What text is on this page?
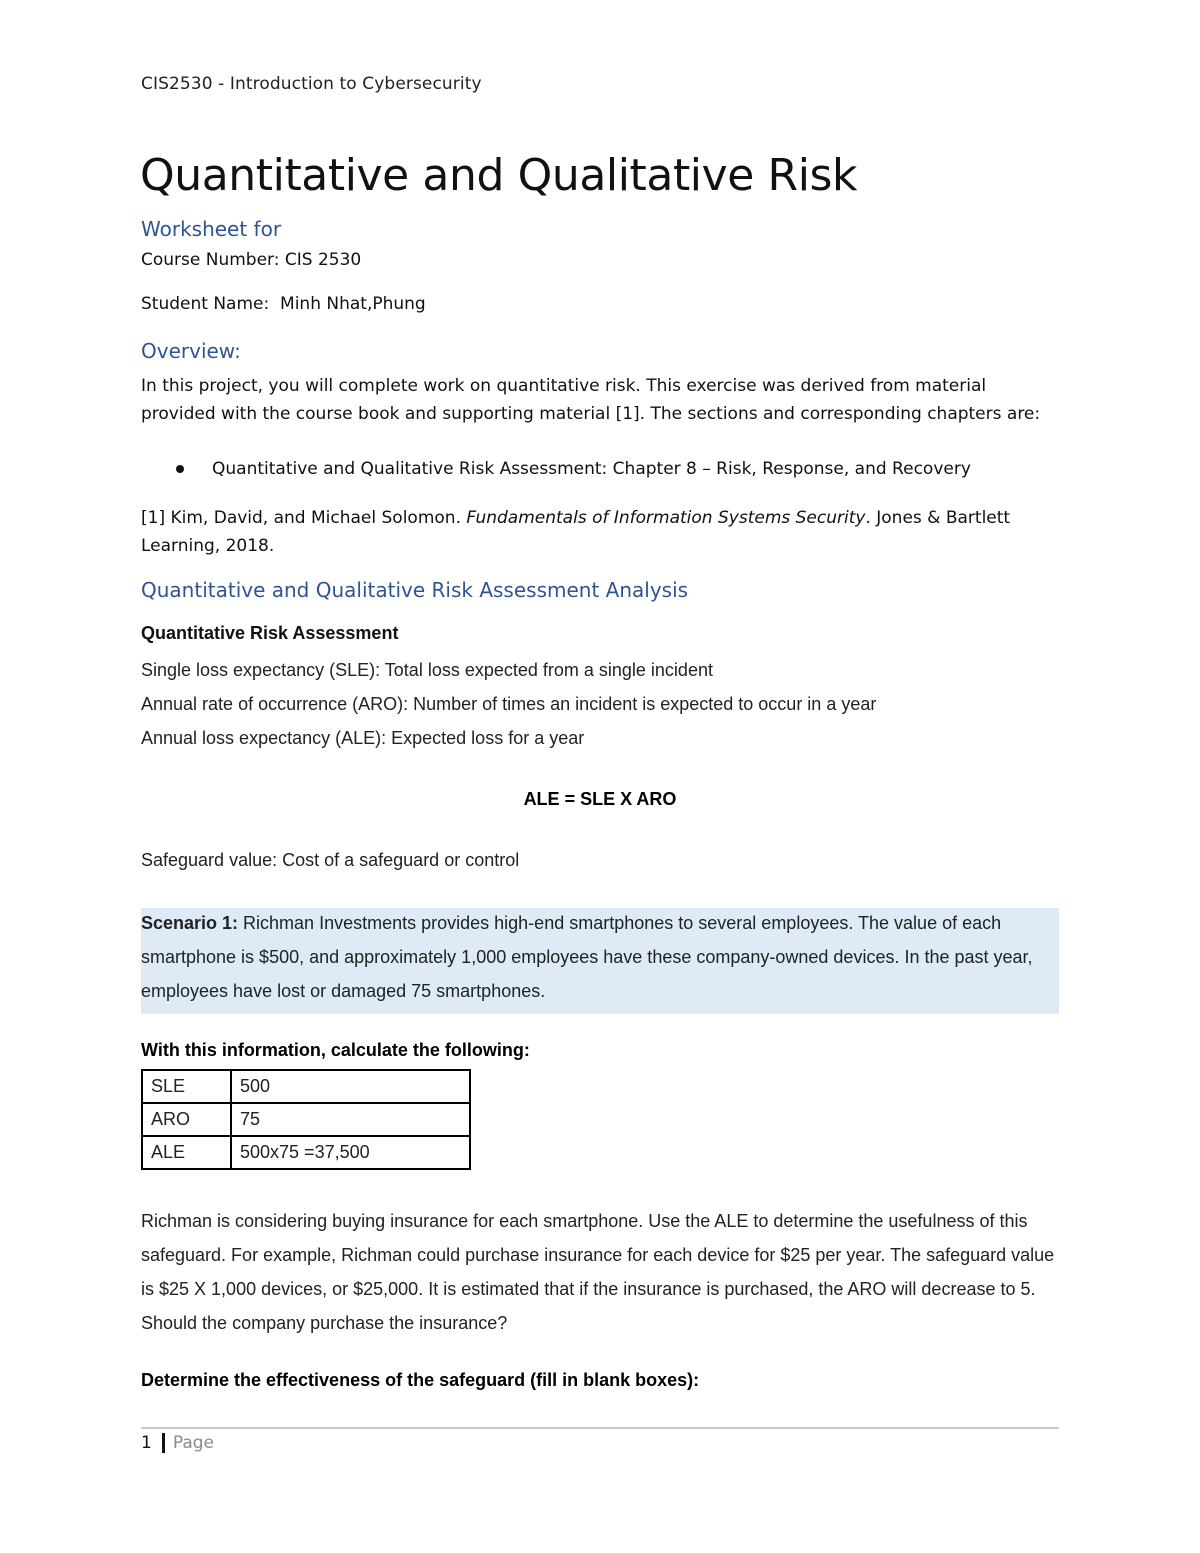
CIS2530 - Introduction to Cybersecurity

Quantitative and Qualitative Risk

Worksheet for

Course Number: CIS 2530

Student Name: Minh Nhat,Phung

Overview:

In this project, you will complete work on quantitative risk. This exercise was derived from material provided with the course book and supporting material [1]. The sections and corresponding chapters are:

Quantitative and Qualitative Risk Assessment: Chapter 8 – Risk, Response, and Recovery

[1] Kim, David, and Michael Solomon. Fundamentals of Information Systems Security. Jones & Bartlett Learning, 2018.

Quantitative and Qualitative Risk Assessment Analysis

Quantitative Risk Assessment

Single loss expectancy (SLE): Total loss expected from a single incident

Annual rate of occurrence (ARO): Number of times an incident is expected to occur in a year

Annual loss expectancy (ALE): Expected loss for a year

ALE = SLE X ARO

Safeguard value: Cost of a safeguard or control

Scenario 1: Richman Investments provides high-end smartphones to several employees. The value of each smartphone is $500, and approximately 1,000 employees have these company-owned devices. In the past year, employees have lost or damaged 75 smartphones.

With this information, calculate the following:

SLE	500
ARO	75
ALE	500x75 =37,500

Richman is considering buying insurance for each smartphone. Use the ALE to determine the usefulness of this safeguard. For example, Richman could purchase insurance for each device for $25 per year. The safeguard value is $25 X 1,000 devices, or $25,000. It is estimated that if the insurance is purchased, the ARO will decrease to 5. Should the company purchase the insurance?

Determine the effectiveness of the safeguard (fill in blank boxes):

1 Page
